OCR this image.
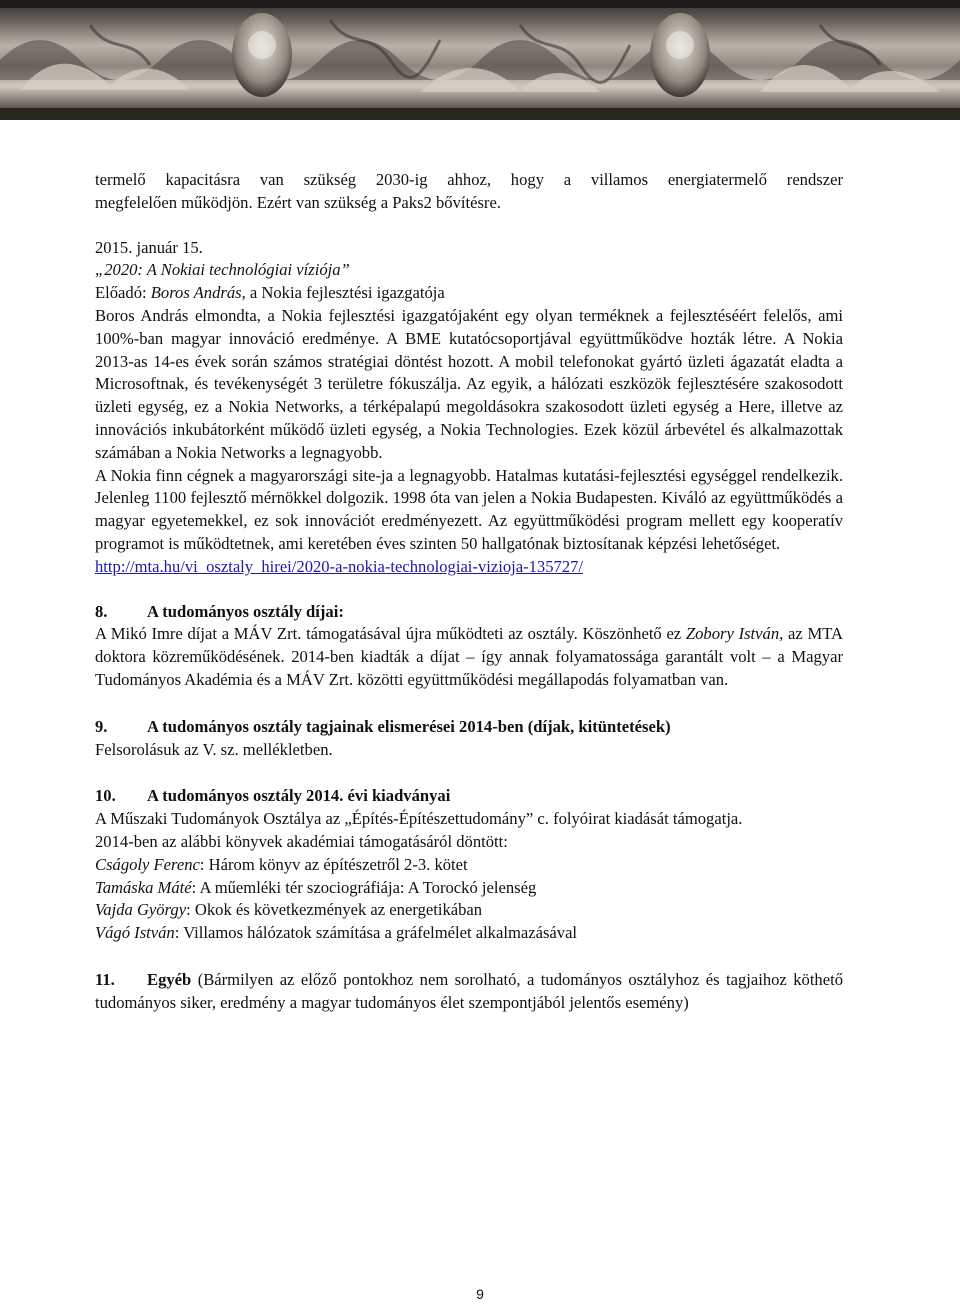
termelő kapacitásra van szükség 2030-ig ahhoz, hogy a villamos energiatermelő rendszer

megfelelően működjön. Ezért van szükség a Paks2 bővítésre.

2015. január 15.

„2020: A Nokiai technológiai víziója”

Előadó: Boros András, a Nokia fejlesztési igazgatója

Boros András elmondta, a Nokia fejlesztési igazgatójaként egy olyan terméknek a fejlesztéséért felelős, ami 100%-ban magyar innováció eredménye. A BME kutatócsoportjával együttműködve hozták létre. A Nokia 2013-as 14-es évek során számos stratégiai döntést hozott. A mobil telefonokat gyártó üzleti ágazatát eladta a Microsoftnak, és tevékenységét 3 területre fókuszálja. Az egyik, a hálózati eszközök fejlesztésére szakosodott üzleti egység, ez a Nokia Networks, a térképalapú megoldásokra szakosodott üzleti egység a Here, illetve az innovációs inkubátorként működő üzleti egység, a Nokia Technologies. Ezek közül árbevétel és alkalmazottak számában a Nokia Networks a legnagyobb.

A Nokia finn cégnek a magyarországi site-ja a legnagyobb. Hatalmas kutatási-fejlesztési egységgel rendelkezik. Jelenleg 1100 fejlesztő mérnökkel dolgozik. 1998 óta van jelen a Nokia Budapesten. Kiváló az együttműködés a magyar egyetemekkel, ez sok innovációt eredményezett. Az együttműködési program mellett egy kooperatív programot is működtetnek, ami keretében éves szinten 50 hallgatónak biztosítanak képzési lehetőséget.

http://mta.hu/vi_osztaly_hirei/2020-a-nokia-technologiai-vizioja-135727/

8. A tudományos osztály díjai:

A Mikó Imre díjat a MÁV Zrt. támogatásával újra működteti az osztály. Köszönhető ez Zobory István, az MTA doktora közreműködésének. 2014-ben kiadták a díjat – így annak folyamatossága garantált volt – a Magyar Tudományos Akadémia és a MÁV Zrt. közötti együttműködési megállapodás folyamatban van.

9. A tudományos osztály tagjainak elismerései 2014-ben (díjak, kitüntetések)

Felsorolásuk az V. sz. mellékletben.

10. A tudományos osztály 2014. évi kiadványai

A Műszaki Tudományok Osztálya az „Építés-Építészettudomány” c. folyóirat kiadását támogatja.

2014-ben az alábbi könyvek akadémiai támogatásáról döntött:

Cságoly Ferenc: Három könyv az építészetről 2-3. kötet

Tamáska Máté: A műemléki tér szociográfiája: A Torockó jelenség

Vajda György: Okok és következmények az energetikában

Vágó István: Villamos hálózatok számítása a gráfelmélet alkalmazásával

11. Egyéb (Bármilyen az előző pontokhoz nem sorolható, a tudományos osztályhoz és tagjaihoz köthető tudományos siker, eredmény a magyar tudományos élet szempontjából jelentős esemény)

9
